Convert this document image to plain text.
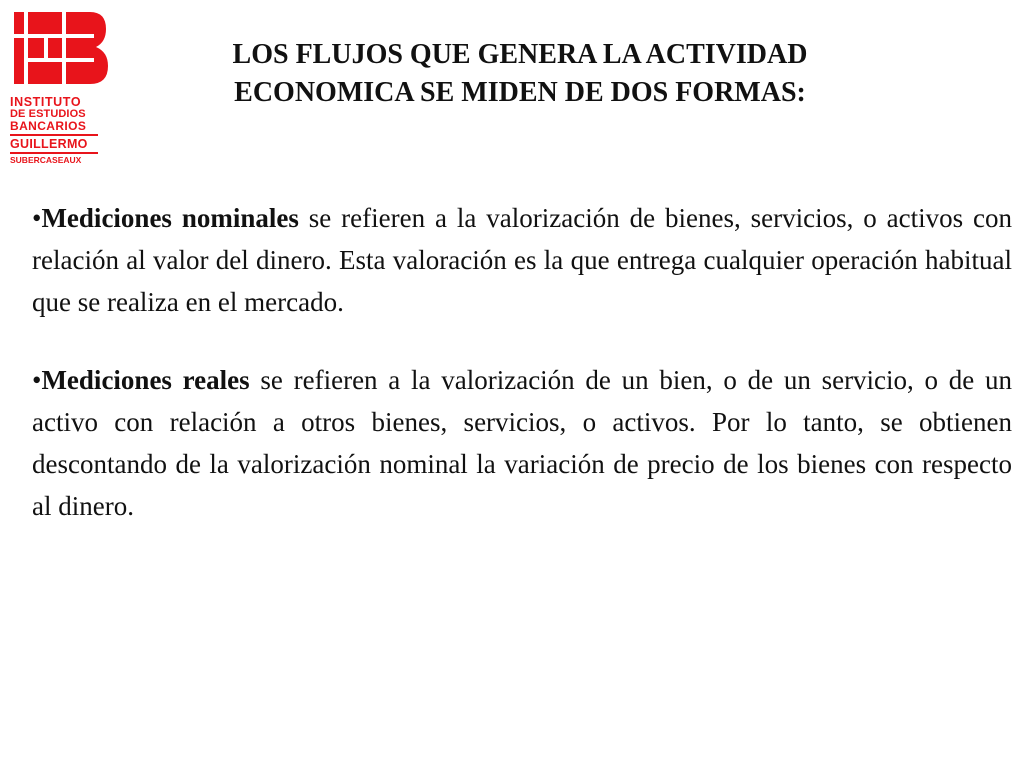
INSTITUTO
DE ESTUDIOS
BANCARIOS
GUILLERMO
SUBERCASEAUX
LOS FLUJOS QUE GENERA LA ACTIVIDAD
ECONOMICA SE MIDEN DE DOS FORMAS:

•Mediciones nominales se refieren a la valorización de bienes, servicios, o activos con relación al valor del dinero. Esta valoración es la que entrega cualquier operación habitual que se realiza en el mercado.

•Mediciones reales se refieren a la valorización de un bien, o de un servicio, o de un activo con relación a otros bienes, servicios, o activos. Por lo tanto, se obtienen descontando de la valorización nominal la variación de precio de los bienes con respecto al dinero.
